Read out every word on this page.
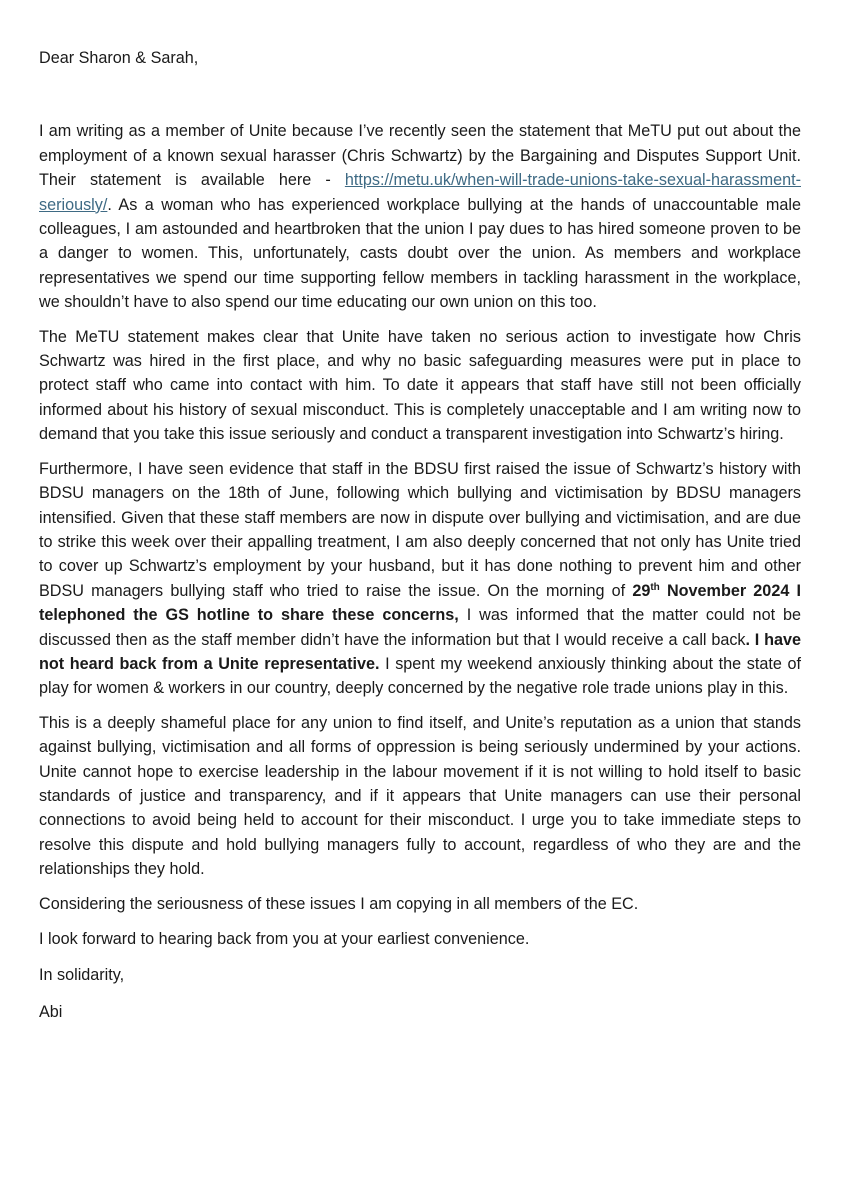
Dear Sharon & Sarah,

I am writing as a member of Unite because I’ve recently seen the statement that MeTU put out about the employment of a known sexual harasser (Chris Schwartz) by the Bargaining and Disputes Support Unit. Their statement is available here - https://metu.uk/when-will-trade-unions-take-sexual-harassment-seriously/. As a woman who has experienced workplace bullying at the hands of unaccountable male colleagues, I am astounded and heartbroken that the union I pay dues to has hired someone proven to be a danger to women. This, unfortunately, casts doubt over the union. As members and workplace representatives we spend our time supporting fellow members in tackling harassment in the workplace, we shouldn’t have to also spend our time educating our own union on this too.

The MeTU statement makes clear that Unite have taken no serious action to investigate how Chris Schwartz was hired in the first place, and why no basic safeguarding measures were put in place to protect staff who came into contact with him. To date it appears that staff have still not been officially informed about his history of sexual misconduct. This is completely unacceptable and I am writing now to demand that you take this issue seriously and conduct a transparent investigation into Schwartz’s hiring.

Furthermore, I have seen evidence that staff in the BDSU first raised the issue of Schwartz’s history with BDSU managers on the 18th of June, following which bullying and victimisation by BDSU managers intensified. Given that these staff members are now in dispute over bullying and victimisation, and are due to strike this week over their appalling treatment, I am also deeply concerned that not only has Unite tried to cover up Schwartz’s employment by your husband, but it has done nothing to prevent him and other BDSU managers bullying staff who tried to raise the issue. On the morning of 29th November 2024 I telephoned the GS hotline to share these concerns, I was informed that the matter could not be discussed then as the staff member didn’t have the information but that I would receive a call back. I have not heard back from a Unite representative. I spent my weekend anxiously thinking about the state of play for women & workers in our country, deeply concerned by the negative role trade unions play in this.

This is a deeply shameful place for any union to find itself, and Unite’s reputation as a union that stands against bullying, victimisation and all forms of oppression is being seriously undermined by your actions. Unite cannot hope to exercise leadership in the labour movement if it is not willing to hold itself to basic standards of justice and transparency, and if it appears that Unite managers can use their personal connections to avoid being held to account for their misconduct. I urge you to take immediate steps to resolve this dispute and hold bullying managers fully to account, regardless of who they are and the relationships they hold.

Considering the seriousness of these issues I am copying in all members of the EC.

I look forward to hearing back from you at your earliest convenience.

In solidarity,

Abi
